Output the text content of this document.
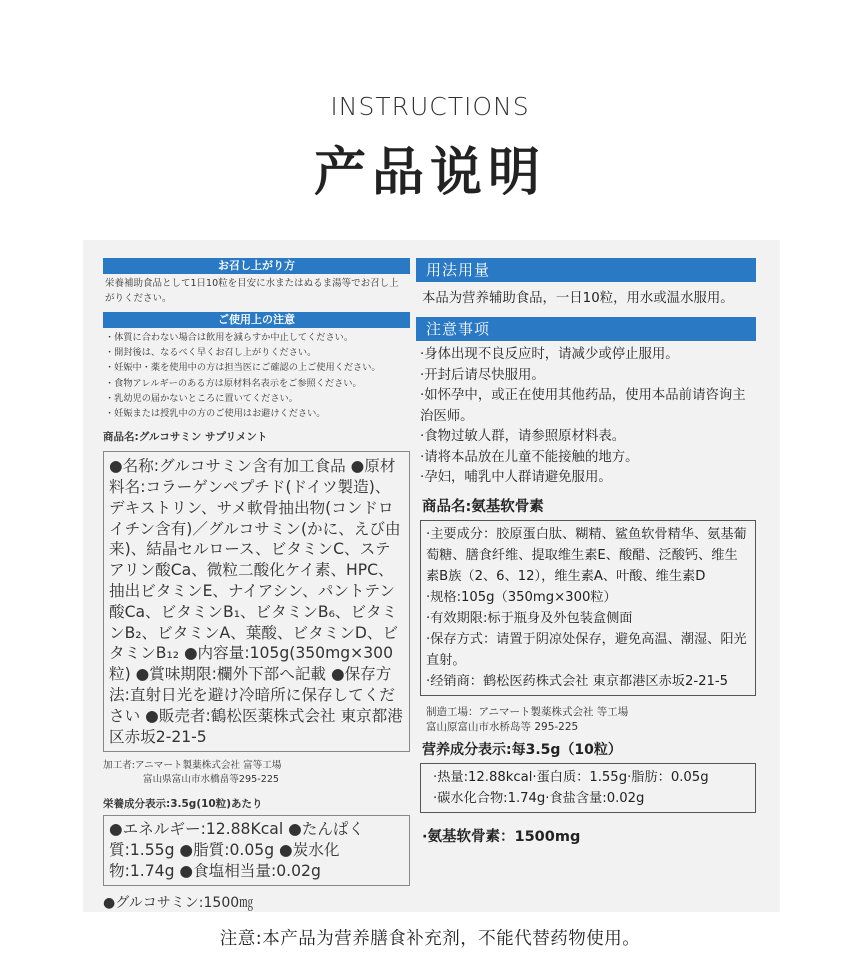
INSTRUCTIONS
产品说明
お召し上がり方
栄養補助食品として1日10粒を目安に水またはぬるま湯等でお召し上がりください。
ご使用上の注意
・体質に合わない場合は飲用を減らすか中止してください。
・開封後は、なるべく早くお召し上がりください。
・妊娠中・薬を使用中の方は担当医にご確認の上ご使用ください。
・食物アレルギーのある方は原材料名表示をご参照ください。
・乳幼児の届かないところに置いてください。
・妊娠または授乳中の方のご使用はお避けください。
商品名:グルコサミン サプリメント
●名称:グルコサミン含有加工食品 ●原材料名:コラーゲンペプチド(ドイツ製造)、デキストリン、サメ軟骨抽出物(コンドロイチン含有)／グルコサミン(かに、えび由来)、結晶セルロース、ビタミンC、ステアリン酸Ca、微粒二酸化ケイ素、HPC、抽出ビタミンE、ナイアシン、パントテン酸Ca、ビタミンB₁、ビタミンB₆、ビタミンB₂、ビタミンA、葉酸、ビタミンD、ビタミンB₁₂ ●内容量:105g(350mg×300粒) ●賞味期限:欄外下部へ記載 ●保存方法:直射日光を避け冷暗所に保存してください ●販売者:鶴松医薬株式会社 東京都港区赤坂2-21-5
加工者:アニマート製薬株式会社 富等工場
富山県富山市水橋畠等295-225
栄養成分表示:3.5g(10粒)あたり
●エネルギー:12.88Kcal ●たんぱく質:1.55g ●脂質:0.05g ●炭水化物:1.74g ●食塩相当量:0.02g
●グルコサミン:1500㎎
用法用量
本品为营养辅助食品，一日10粒，用水或温水服用。
注意事项
·身体出现不良反应时，请减少或停止服用。
·开封后请尽快服用。
·如怀孕中，或正在使用其他药品，使用本品前请咨询主治医师。
·食物过敏人群，请参照原材料表。
·请将本品放在儿童不能接触的地方。
·孕妇，哺乳中人群请避免服用。
商品名:氨基软骨素
·主要成分：胶原蛋白肽、糊精、鲨鱼软骨精华、氨基葡萄糖、膳食纤维、提取维生素E、酸醋、泛酸钙、维生素B族（2、6、12），维生素A、叶酸、维生素D
·规格:105g（350mg×300粒）
·有效期限:标于瓶身及外包装盒侧面
·保存方式：请置于阴凉处保存，避免高温、潮湿、阳光直射。
·经销商：鹤松医药株式会社 東京都港区赤坂2-21-5
制造工場：アニマート製薬株式会社 等工場
富山原富山市水桥岛等 295-225
营养成分表示:每3.5g（10粒）
·热量:12.88kcal·蛋白质：1.55g·脂肪：0.05g
·碳水化合物:1.74g·食盐含量:0.02g
·氨基软骨素：1500mg
注意:本产品为营养膳食补充剂，不能代替药物使用。
